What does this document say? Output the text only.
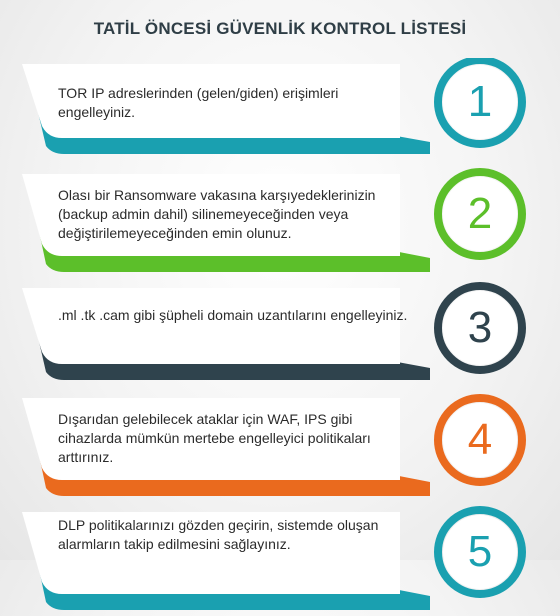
TATİL ÖNCESİ GÜVENLİK KONTROL LİSTESİ
TOR IP adreslerinden (gelen/giden) erişimleri engelleyiniz.	1
Olası bir Ransomware vakasına karşıyedeklerinizin (backup admin dahil) silinemeyeceğinden veya değiştirilemeyeceğinden emin olunuz.	2
.ml .tk .cam gibi şüpheli domain uzantılarını engelleyiniz.	3
Dışarıdan gelebilecek ataklar için WAF, IPS gibi cihazlarda mümkün mertebe engelleyici politikaları arttırınız.	4
DLP politikalarınızı gözden geçirin, sistemde oluşan alarmların takip edilmesini sağlayınız.	5
